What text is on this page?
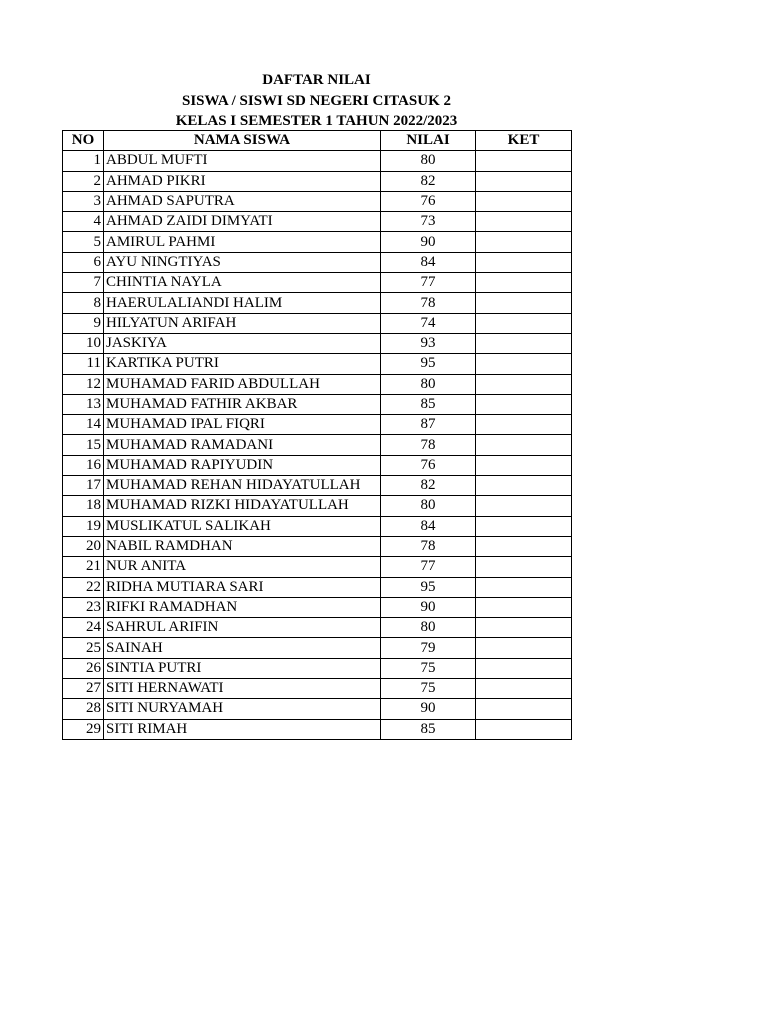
DAFTAR NILAI
SISWA / SISWI SD NEGERI CITASUK 2
KELAS I SEMESTER 1 TAHUN 2022/2023
NO	NAMA SISWA	NILAI	KET
1	ABDUL MUFTI	80	
2	AHMAD PIKRI	82	
3	AHMAD SAPUTRA	76	
4	AHMAD ZAIDI DIMYATI	73	
5	AMIRUL PAHMI	90	
6	AYU NINGTIYAS	84	
7	CHINTIA NAYLA	77	
8	HAERULALIANDI HALIM	78	
9	HILYATUN ARIFAH	74	
10	JASKIYA	93	
11	KARTIKA PUTRI	95	
12	MUHAMAD FARID ABDULLAH	80	
13	MUHAMAD FATHIR AKBAR	85	
14	MUHAMAD IPAL FIQRI	87	
15	MUHAMAD RAMADANI	78	
16	MUHAMAD RAPIYUDIN	76	
17	MUHAMAD REHAN HIDAYATULLAH	82	
18	MUHAMAD RIZKI HIDAYATULLAH	80	
19	MUSLIKATUL SALIKAH	84	
20	NABIL RAMDHAN	78	
21	NUR ANITA	77	
22	RIDHA MUTIARA SARI	95	
23	RIFKI RAMADHAN	90	
24	SAHRUL ARIFIN	80	
25	SAINAH	79	
26	SINTIA PUTRI	75	
27	SITI HERNAWATI	75	
28	SITI NURYAMAH	90	
29	SITI RIMAH	85	
